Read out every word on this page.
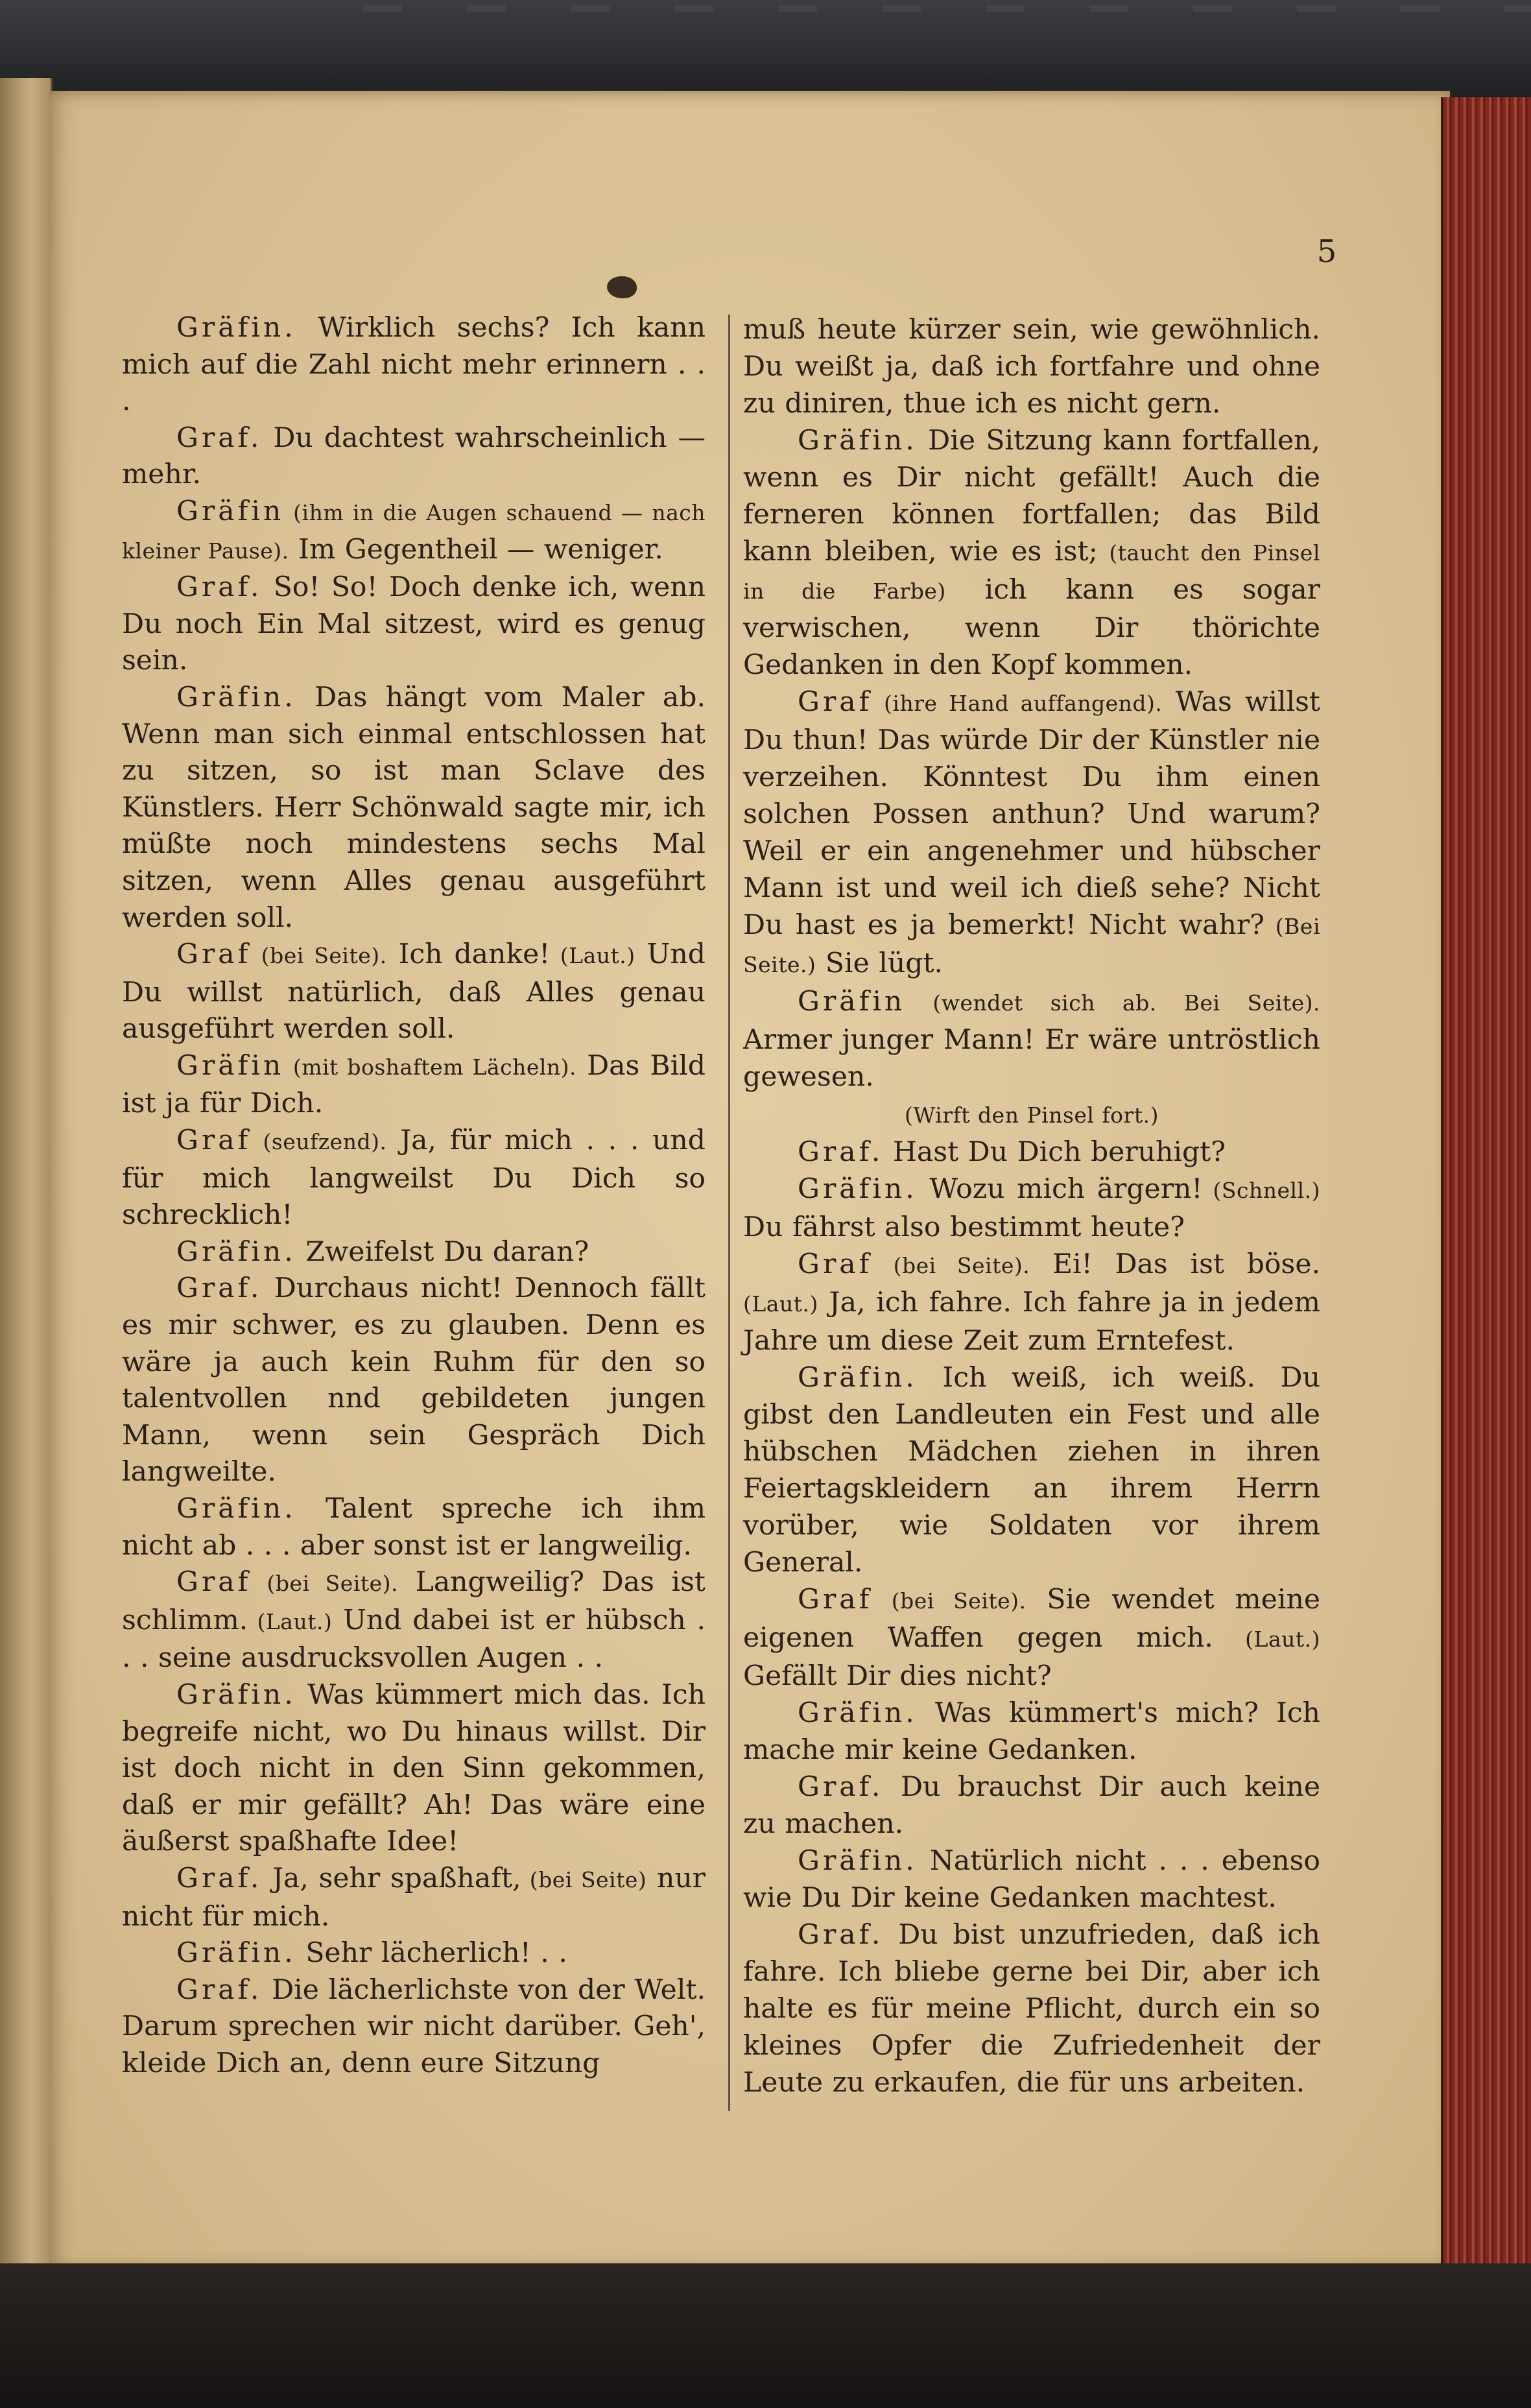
5

Gräfin. Wirklich sechs? Ich kann mich auf die Zahl nicht mehr erinnern . . .

Graf. Du dachtest wahrscheinlich — mehr.

Gräfin (ihm in die Augen schauend — nach kleiner Pause). Im Gegentheil — weniger.

Graf. So! So! Doch denke ich, wenn Du noch Ein Mal sitzest, wird es genug sein.

Gräfin. Das hängt vom Maler ab. Wenn man sich einmal entschlossen hat zu sitzen, so ist man Sclave des Künstlers. Herr Schönwald sagte mir, ich müßte noch mindestens sechs Mal sitzen, wenn Alles genau ausgeführt werden soll.

Graf (bei Seite). Ich danke! (Laut.) Und Du willst natürlich, daß Alles genau ausgeführt werden soll.

Gräfin (mit boshaftem Lächeln). Das Bild ist ja für Dich.

Graf (seufzend). Ja, für mich . . . und für mich langweilst Du Dich so schrecklich!

Gräfin. Zweifelst Du daran?

Graf. Durchaus nicht! Dennoch fällt es mir schwer, es zu glauben. Denn es wäre ja auch kein Ruhm für den so talentvollen nnd gebildeten jungen Mann, wenn sein Gespräch Dich langweilte.

Gräfin. Talent spreche ich ihm nicht ab . . . aber sonst ist er langweilig.

Graf (bei Seite). Langweilig? Das ist schlimm. (Laut.) Und dabei ist er hübsch . . . seine ausdrucksvollen Augen . .

Gräfin. Was kümmert mich das. Ich begreife nicht, wo Du hinaus willst. Dir ist doch nicht in den Sinn gekommen, daß er mir gefällt? Ah! Das wäre eine äußerst spaßhafte Idee!

Graf. Ja, sehr spaßhaft, (bei Seite) nur nicht für mich.

Gräfin. Sehr lächerlich! . .

Graf. Die lächerlichste von der Welt. Darum sprechen wir nicht darüber. Geh', kleide Dich an, denn eure Sitzung

muß heute kürzer sein, wie gewöhnlich. Du weißt ja, daß ich fortfahre und ohne zu diniren, thue ich es nicht gern.

Gräfin. Die Sitzung kann fortfallen, wenn es Dir nicht gefällt! Auch die ferneren können fortfallen; das Bild kann bleiben, wie es ist; (taucht den Pinsel in die Farbe) ich kann es sogar verwischen, wenn Dir thörichte Gedanken in den Kopf kommen.

Graf (ihre Hand auffangend). Was willst Du thun! Das würde Dir der Künstler nie verzeihen. Könntest Du ihm einen solchen Possen anthun? Und warum? Weil er ein angenehmer und hübscher Mann ist und weil ich dieß sehe? Nicht Du hast es ja bemerkt! Nicht wahr? (Bei Seite.) Sie lügt.

Gräfin (wendet sich ab. Bei Seite). Armer junger Mann! Er wäre untröstlich gewesen.

(Wirft den Pinsel fort.)

Graf. Hast Du Dich beruhigt?

Gräfin. Wozu mich ärgern! (Schnell.) Du fährst also bestimmt heute?

Graf (bei Seite). Ei! Das ist böse. (Laut.) Ja, ich fahre. Ich fahre ja in jedem Jahre um diese Zeit zum Erntefest.

Gräfin. Ich weiß, ich weiß. Du gibst den Landleuten ein Fest und alle hübschen Mädchen ziehen in ihren Feiertagskleidern an ihrem Herrn vorüber, wie Soldaten vor ihrem General.

Graf (bei Seite). Sie wendet meine eigenen Waffen gegen mich. (Laut.) Gefällt Dir dies nicht?

Gräfin. Was kümmert's mich? Ich mache mir keine Gedanken.

Graf. Du brauchst Dir auch keine zu machen.

Gräfin. Natürlich nicht . . . ebenso wie Du Dir keine Gedanken machtest.

Graf. Du bist unzufrieden, daß ich fahre. Ich bliebe gerne bei Dir, aber ich halte es für meine Pflicht, durch ein so kleines Opfer die Zufriedenheit der Leute zu erkaufen, die für uns arbeiten.
